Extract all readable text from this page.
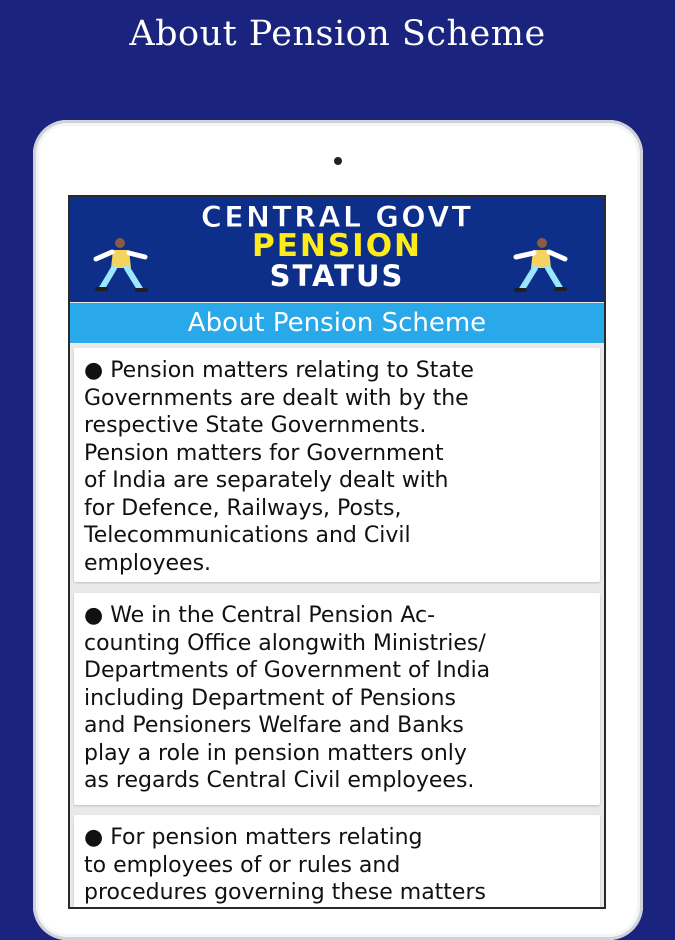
About Pension Scheme
CENTRAL GOVT
PENSION
STATUS
About Pension Scheme

● Pension matters relating to State
Governments are dealt with by the
respective State Governments.
Pension matters for Government
of India are separately dealt with
for Defence, Railways, Posts,
Telecommunications and Civil
employees.

● We in the Central Pension Ac-
counting Office alongwith Ministries/
Departments of Government of India
including Department of Pensions
and Pensioners Welfare and Banks
play a role in pension matters only
as regards Central Civil employees.

● For pension matters relating
to employees of or rules and
procedures governing these matters
